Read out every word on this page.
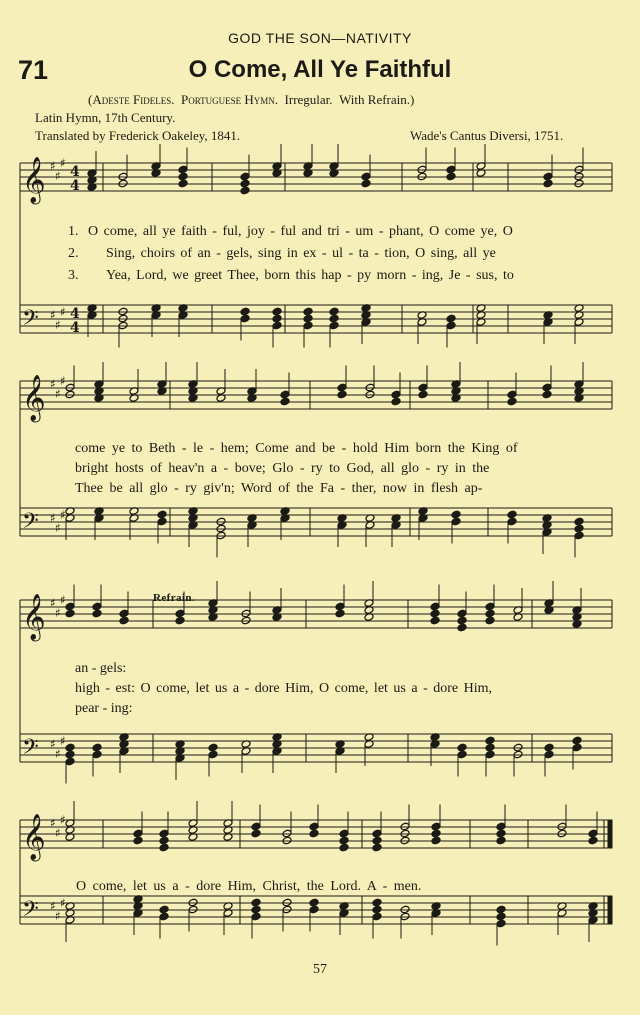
GOD THE SON—NATIVITY
71	O Come, All Ye Faithful
(Adeste Fideles. Portuguese Hymn. Irregular. With Refrain.)
Latin Hymn, 17th Century.
Translated by Frederick Oakeley, 1841.	Wade's Cantus Diversi, 1751.
1.
2.
3.
O come, all ye faith - ful, joy - ful and tri - um - phant, O come ye, O
Sing, choirs of an - gels, sing in ex - ul - ta - tion, O sing, all ye
Yea, Lord, we greet Thee, born this hap - py morn - ing, Je - sus, to
come ye to Beth - le - hem; Come and be - hold Him born the King of
bright hosts of heav'n a - bove; Glo - ry to God, all glo - ry in the
Thee be all glo - ry giv'n; Word of the Fa - ther, now in flesh ap-
Refrain.
an - gels:
high - est: O come, let us a - dore Him, O come, let us a - dore Him,
pear - ing:
O come, let us a - dore Him, Christ, the Lord. A - men.
57
𝄞
𝄢
♯
♯
♯
♯
♯
♯
4
4
4
4
𝄞
𝄢
♯
♯
♯
♯
♯
♯
𝄞
𝄢
♯
♯
♯
♯
♯
♯
𝄞
𝄢
♯
♯
♯
♯
♯
♯
